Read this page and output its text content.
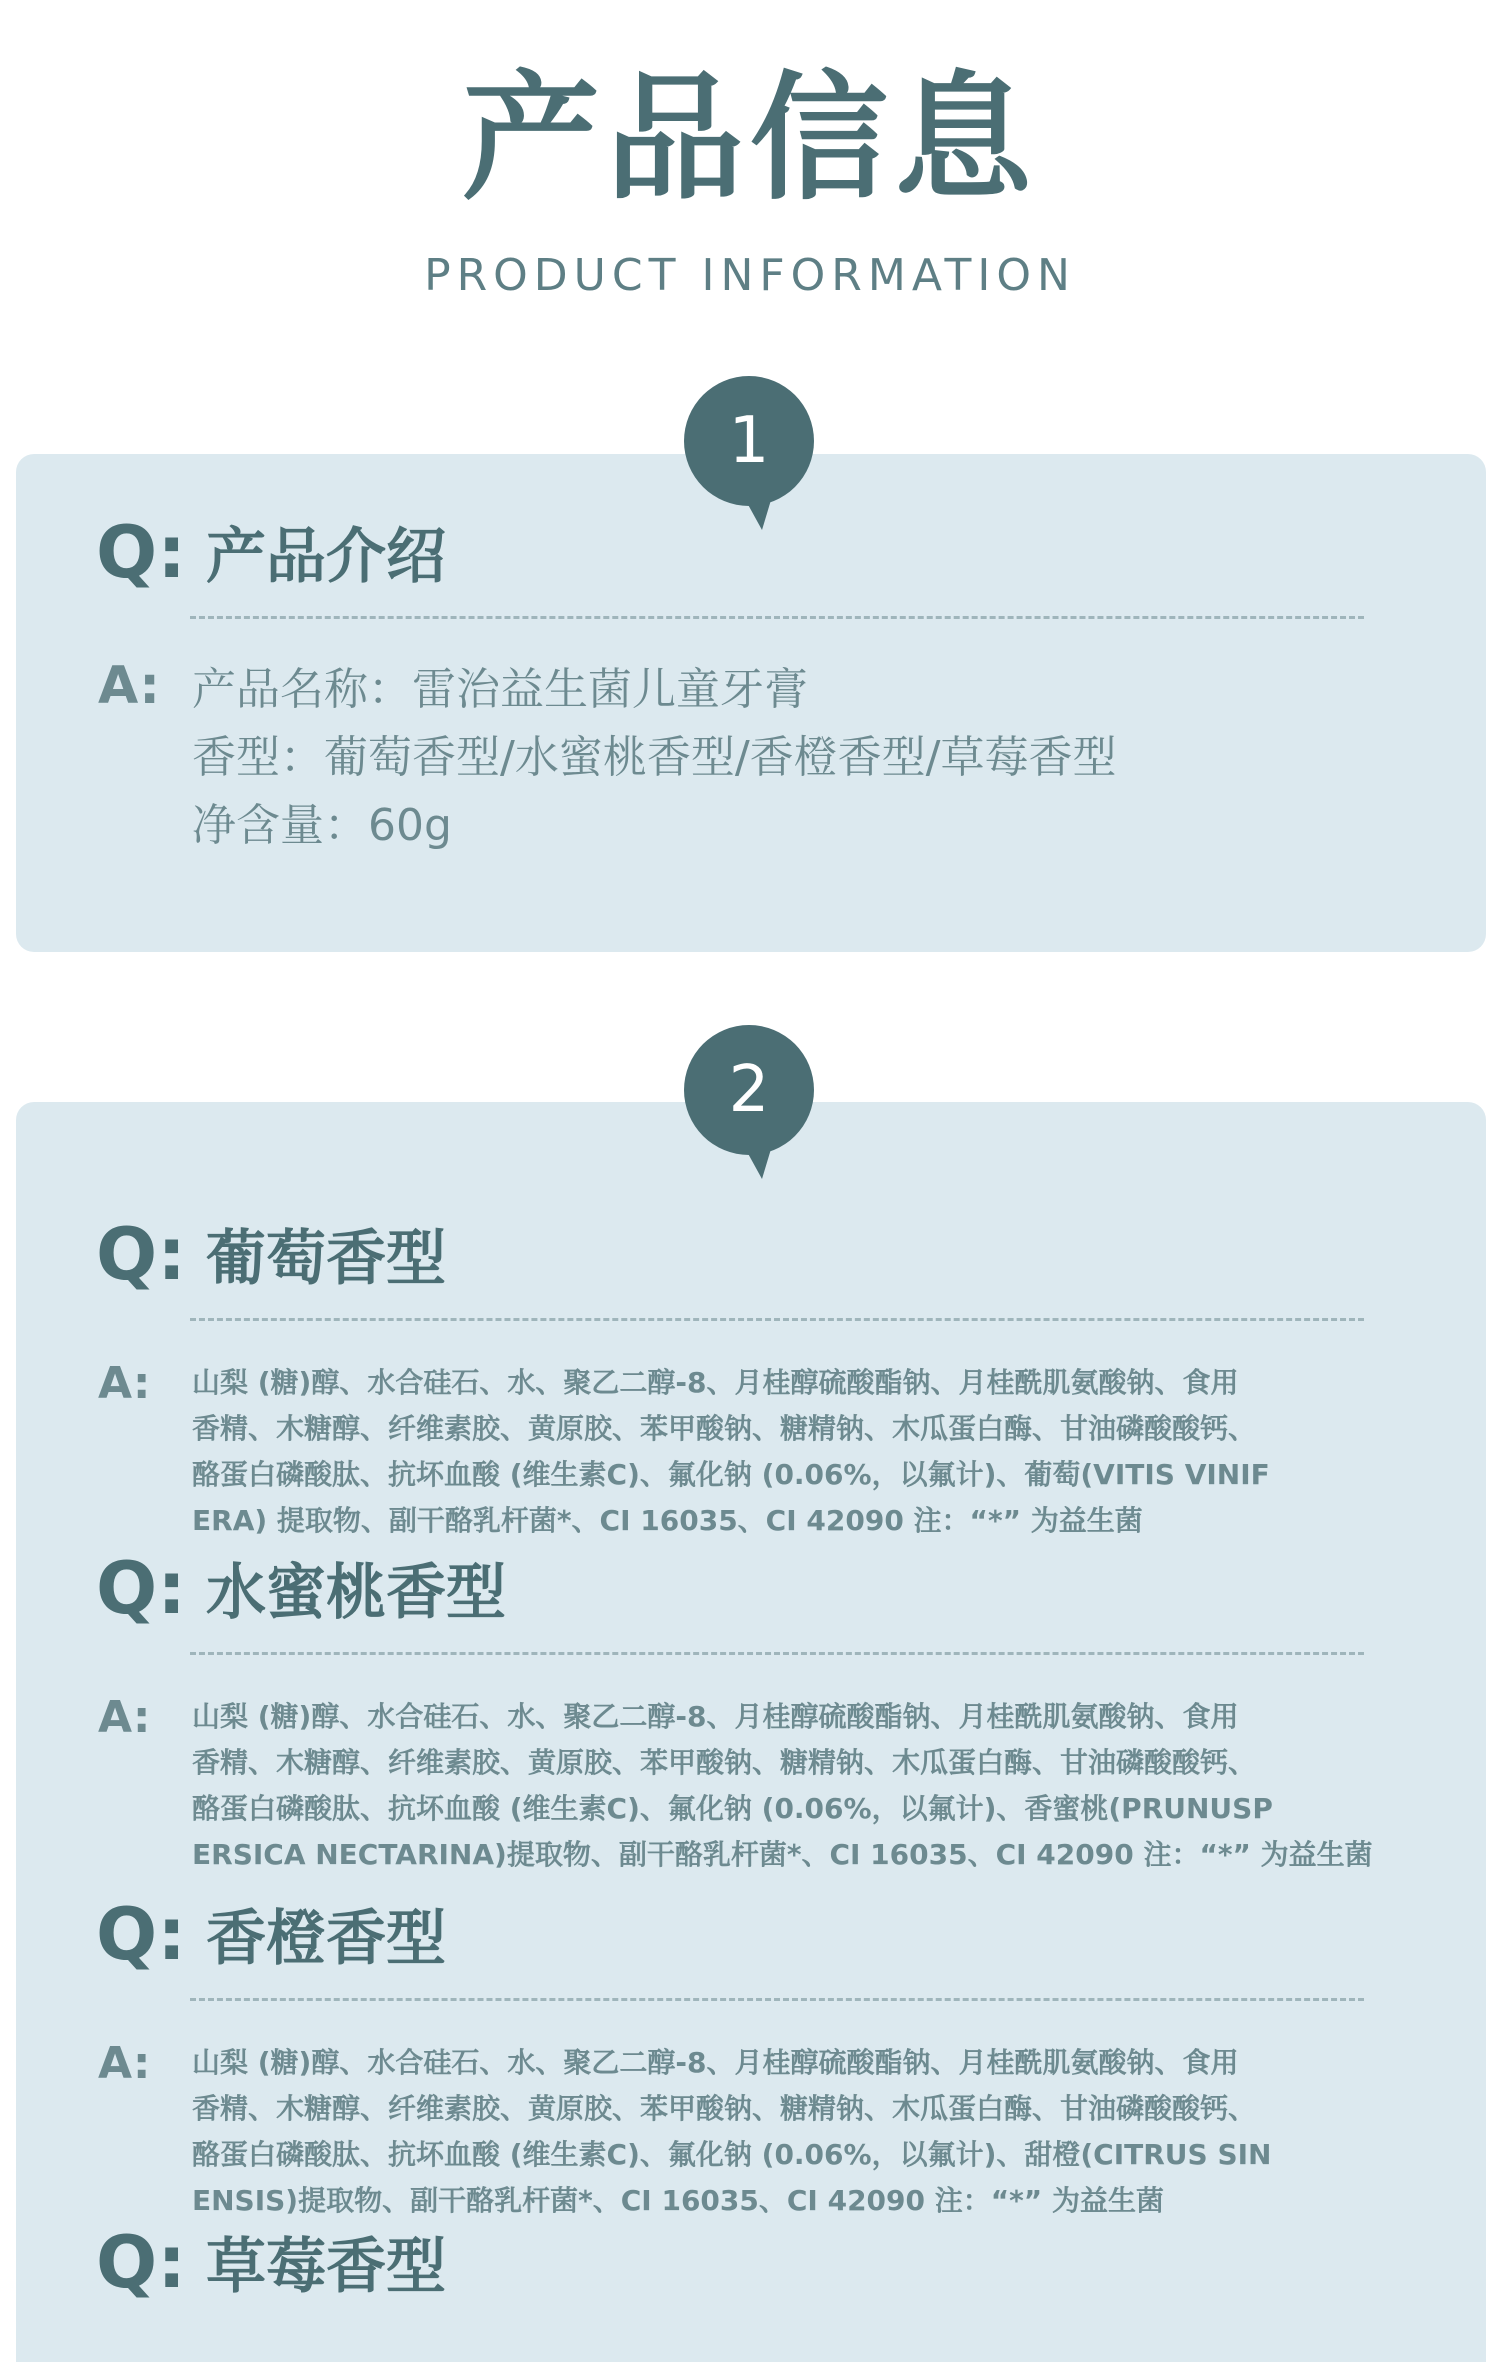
产品信息
PRODUCT INFORMATION
1
Q: 产品介绍
A: 产品名称：雷治益生菌儿童牙膏
香型：葡萄香型/水蜜桃香型/香橙香型/草莓香型
净含量：60g
2
Q: 葡萄香型
A: 山梨 (糖)醇、水合硅石、水、聚乙二醇-8、月桂醇硫酸酯钠、月桂酰肌氨酸钠、食用
香精、木糖醇、纤维素胶、黄原胶、苯甲酸钠、糖精钠、木瓜蛋白酶、甘油磷酸酸钙、
酪蛋白磷酸肽、抗坏血酸 (维生素C)、氟化钠 (0.06%，以氟计)、葡萄(VITIS VINIF
ERA) 提取物、副干酪乳杆菌*、CI 16035、CI 42090 注：“*” 为益生菌
Q: 水蜜桃香型
A: 山梨 (糖)醇、水合硅石、水、聚乙二醇-8、月桂醇硫酸酯钠、月桂酰肌氨酸钠、食用
香精、木糖醇、纤维素胶、黄原胶、苯甲酸钠、糖精钠、木瓜蛋白酶、甘油磷酸酸钙、
酪蛋白磷酸肽、抗坏血酸 (维生素C)、氟化钠 (0.06%，以氟计)、香蜜桃(PRUNUSP
ERSICA NECTARINA)提取物、副干酪乳杆菌*、CI 16035、CI 42090 注：“*” 为益生菌
Q: 香橙香型
A: 山梨 (糖)醇、水合硅石、水、聚乙二醇-8、月桂醇硫酸酯钠、月桂酰肌氨酸钠、食用
香精、木糖醇、纤维素胶、黄原胶、苯甲酸钠、糖精钠、木瓜蛋白酶、甘油磷酸酸钙、
酪蛋白磷酸肽、抗坏血酸 (维生素C)、氟化钠 (0.06%，以氟计)、甜橙(CITRUS SIN
ENSIS)提取物、副干酪乳杆菌*、CI 16035、CI 42090 注：“*” 为益生菌
Q: 草莓香型
